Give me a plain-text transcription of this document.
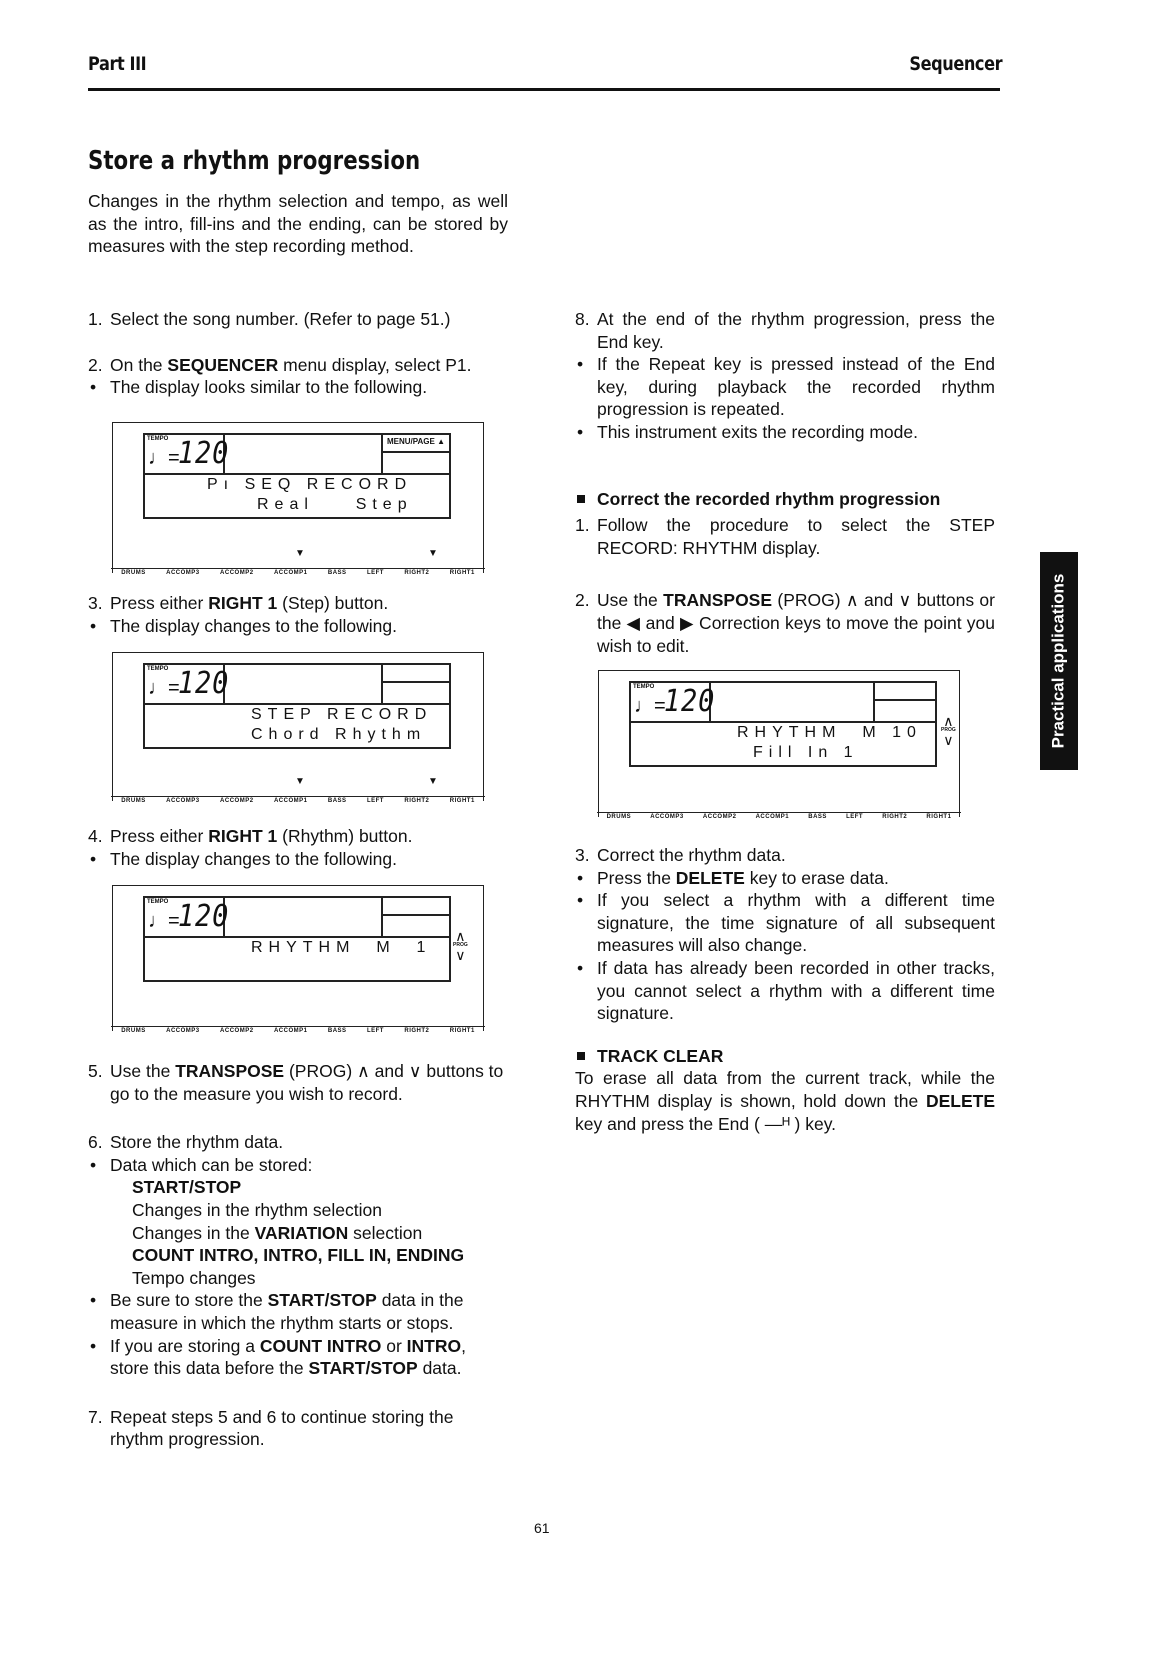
Part III	Sequencer
Store a rhythm progression
Changes in the rhythm selection and tempo, as well as the intro, fill-ins and the ending, can be stored by measures with the step recording method.
1. Select the song number. (Refer to page 51.)
2. On the SEQUENCER menu display, select P1.
• The display looks similar to the following.
TEMPO
♩=
120	MENU/PAGE ▲
Pı SEQ RECORD
Real    Step
▼	▼
DRUMS	ACCOMP3	ACCOMP2	ACCOMP1	BASS	LEFT	RIGHT2	RIGHT1
3. Press either RIGHT 1 (Step) button.
• The display changes to the following.
TEMPO
♩=
120
STEP RECORD
Chord Rhythm
▼	▼
DRUMS	ACCOMP3	ACCOMP2	ACCOMP1	BASS	LEFT	RIGHT2	RIGHT1
4. Press either RIGHT 1 (Rhythm) button.
• The display changes to the following.
TEMPO
♩=
120
RHYTHM  M  1
∧
PROG
∨
DRUMS	ACCOMP3	ACCOMP2	ACCOMP1	BASS	LEFT	RIGHT2	RIGHT1
5. Use the TRANSPOSE (PROG) ∧ and ∨ buttons to go to the measure you wish to record.
6. Store the rhythm data.
• Data which can be stored:
START/STOP
Changes in the rhythm selection
Changes in the VARIATION selection
COUNT INTRO, INTRO, FILL IN, ENDING
Tempo changes
• Be sure to store the START/STOP data in the measure in which the rhythm starts or stops.
• If you are storing a COUNT INTRO or INTRO, store this data before the START/STOP data.
7. Repeat steps 5 and 6 to continue storing the rhythm progression.
8. At the end of the rhythm progression, press the End key.
• If the Repeat key is pressed instead of the End key, during playback the recorded rhythm progression is repeated.
• This instrument exits the recording mode.
Correct the recorded rhythm progression
1. Follow the procedure to select the STEP RECORD: RHYTHM display.
2. Use the TRANSPOSE (PROG) ∧ and ∨ buttons or the ◀ and ▶ Correction keys to move the point you wish to edit.
TEMPO
♩=
120
RHYTHM  M 10
Fill In 1
∧
PROG
∨
DRUMS	ACCOMP3	ACCOMP2	ACCOMP1	BASS	LEFT	RIGHT2	RIGHT1
3. Correct the rhythm data.
• Press the DELETE key to erase data.
• If you select a rhythm with a different time signature, the time signature of all subsequent measures will also change.
• If data has already been recorded in other tracks, you cannot select a rhythm with a different time signature.
TRACK CLEAR
To erase all data from the current track, while the RHYTHM display is shown, hold down the DELETE key and press the End ( —ᴴ ) key.
Practical applications
61
